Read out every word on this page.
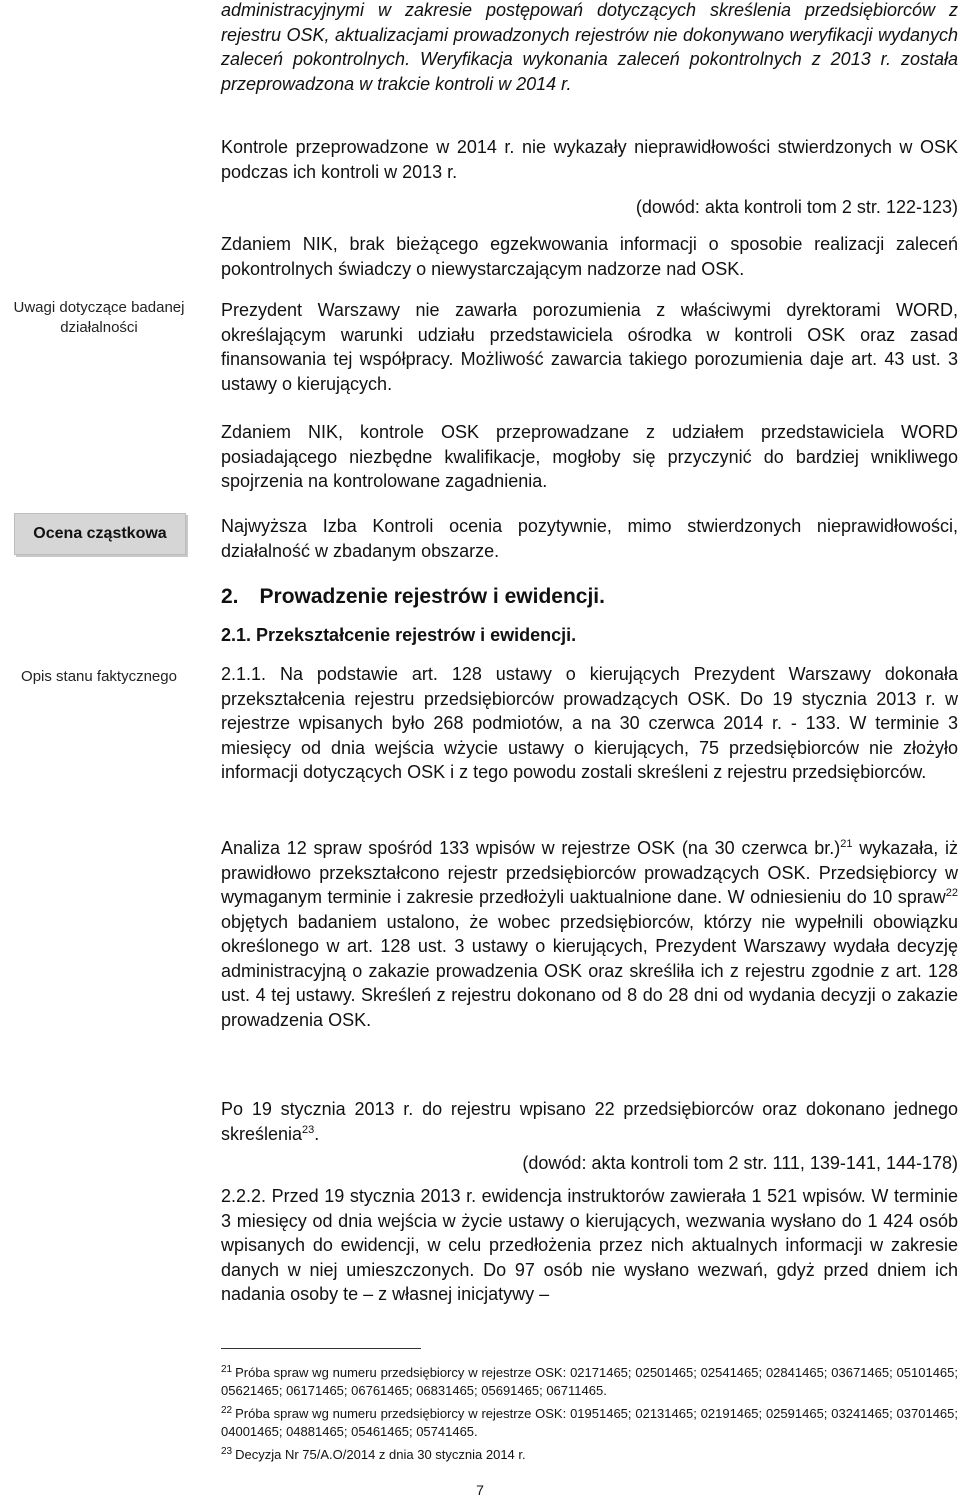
Uwagi dotyczące badanej działalności
Ocena cząstkowa
Opis stanu faktycznego

administracyjnymi w zakresie postępowań dotyczących skreślenia przedsiębiorców z rejestru OSK, aktualizacjami prowadzonych rejestrów nie dokonywano weryfikacji wydanych zaleceń pokontrolnych. Weryfikacja wykonania zaleceń pokontrolnych z 2013 r. została przeprowadzona w trakcie kontroli w 2014 r.

Kontrole przeprowadzone w 2014 r. nie wykazały nieprawidłowości stwierdzonych w OSK podczas ich kontroli w 2013 r.

(dowód: akta kontroli tom 2 str. 122-123)

Zdaniem NIK, brak bieżącego egzekwowania informacji o sposobie realizacji zaleceń pokontrolnych świadczy o niewystarczającym nadzorze nad OSK.

Prezydent Warszawy nie zawarła porozumienia z właściwymi dyrektorami WORD, określającym warunki udziału przedstawiciela ośrodka w kontroli OSK oraz zasad finansowania tej współpracy. Możliwość zawarcia takiego porozumienia daje art. 43 ust. 3 ustawy o kierujących.

Zdaniem NIK, kontrole OSK przeprowadzane z udziałem przedstawiciela WORD posiadającego niezbędne kwalifikacje, mogłoby się przyczynić do bardziej wnikliwego spojrzenia na kontrolowane zagadnienia.

Najwyższa Izba Kontroli ocenia pozytywnie, mimo stwierdzonych nieprawidłowości, działalność w zbadanym obszarze.

2. Prowadzenie rejestrów i ewidencji.
2.1. Przekształcenie rejestrów i ewidencji.

2.1.1. Na podstawie art. 128 ustawy o kierujących Prezydent Warszawy dokonała przekształcenia rejestru przedsiębiorców prowadzących OSK. Do 19 stycznia 2013 r. w rejestrze wpisanych było 268 podmiotów, a na 30 czerwca 2014 r. - 133. W terminie 3 miesięcy od dnia wejścia wżycie ustawy o kierujących, 75 przedsiębiorców nie złożyło informacji dotyczących OSK i z tego powodu zostali skreśleni z rejestru przedsiębiorców.

Analiza 12 spraw spośród 133 wpisów w rejestrze OSK (na 30 czerwca br.)$^{21}$ wykazała, iż prawidłowo przekształcono rejestr przedsiębiorców prowadzących OSK. Przedsiębiorcy w wymaganym terminie i zakresie przedłożyli uaktualnione dane. W odniesieniu do 10 spraw$^{22}$ objętych badaniem ustalono, że wobec przedsiębiorców, którzy nie wypełnili obowiązku określonego w art. 128 ust. 3 ustawy o kierujących, Prezydent Warszawy wydała decyzję administracyjną o zakazie prowadzenia OSK oraz skreśliła ich z rejestru zgodnie z art. 128 ust. 4 tej ustawy. Skreśleń z rejestru dokonano od 8 do 28 dni od wydania decyzji o zakazie prowadzenia OSK.

Po 19 stycznia 2013 r. do rejestru wpisano 22 przedsiębiorców oraz dokonano jednego skreślenia$^{23}$.

(dowód: akta kontroli tom 2 str. 111, 139-141, 144-178)

2.2.2. Przed 19 stycznia 2013 r. ewidencja instruktorów zawierała 1 521 wpisów. W terminie 3 miesięcy od dnia wejścia w życie ustawy o kierujących, wezwania wysłano do 1 424 osób wpisanych do ewidencji, w celu przedłożenia przez nich aktualnych informacji w zakresie danych w niej umieszczonych. Do 97 osób nie wysłano wezwań, gdyż przed dniem ich nadania osoby te – z własnej inicjatywy –

$^{21}$ Próba spraw wg numeru przedsiębiorcy w rejestrze OSK: 02171465; 02501465; 02541465; 02841465; 03671465; 05101465; 05621465; 06171465; 06761465; 06831465; 05691465; 06711465.
$^{22}$ Próba spraw wg numeru przedsiębiorcy w rejestrze OSK: 01951465; 02131465; 02191465; 02591465; 03241465; 03701465; 04001465; 04881465; 05461465; 05741465.
$^{23}$ Decyzja Nr 75/A.O/2014 z dnia 30 stycznia 2014 r.
7
